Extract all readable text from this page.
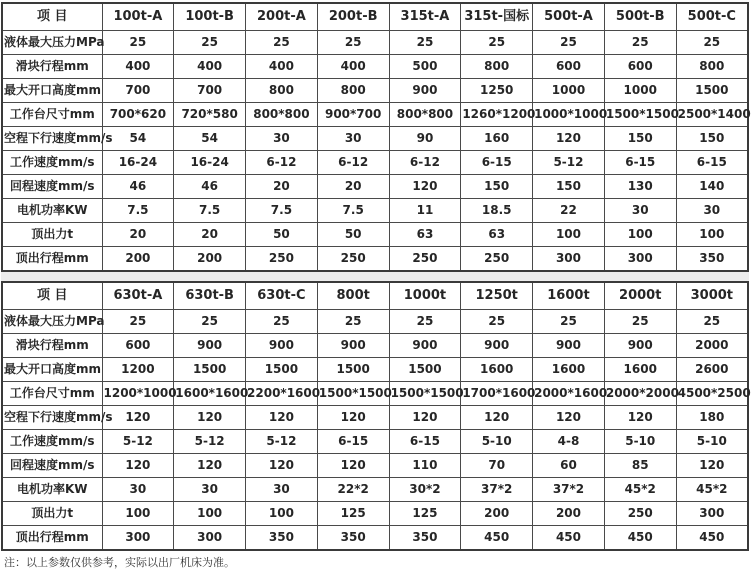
项 目	100t-A	100t-B	200t-A	200t-B	315t-A	315t-国标	500t-A	500t-B	500t-C
液体最大压力MPa	25	25	25	25	25	25	25	25	25
滑块行程mm	400	400	400	400	500	800	600	600	800
最大开口高度mm	700	700	800	800	900	1250	1000	1000	1500
工作台尺寸mm	700*620	720*580	800*800	900*700	800*800	1260*1200	1000*1000	1500*1500	2500*1400
空程下行速度mm/s	54	54	30	30	90	160	120	150	150
工作速度mm/s	16-24	16-24	6-12	6-12	6-12	6-15	5-12	6-15	6-15
回程速度mm/s	46	46	20	20	120	150	150	130	140
电机功率KW	7.5	7.5	7.5	7.5	11	18.5	22	30	30
顶出力t	20	20	50	50	63	63	100	100	100
顶出行程mm	200	200	250	250	250	250	300	300	350
项 目	630t-A	630t-B	630t-C	800t	1000t	1250t	1600t	2000t	3000t
液体最大压力MPa	25	25	25	25	25	25	25	25	25
滑块行程mm	600	900	900	900	900	900	900	900	2000
最大开口高度mm	1200	1500	1500	1500	1500	1600	1600	1600	2600
工作台尺寸mm	1200*1000	1600*1600	2200*1600	1500*1500	1500*1500	1700*1600	2000*1600	2000*2000	4500*2500
空程下行速度mm/s	120	120	120	120	120	120	120	120	180
工作速度mm/s	5-12	5-12	5-12	6-15	6-15	5-10	4-8	5-10	5-10
回程速度mm/s	120	120	120	120	110	70	60	85	120
电机功率KW	30	30	30	22*2	30*2	37*2	37*2	45*2	45*2
顶出力t	100	100	100	125	125	200	200	250	300
顶出行程mm	300	300	350	350	350	450	450	450	450
注：以上参数仅供参考，实际以出厂机床为准。
